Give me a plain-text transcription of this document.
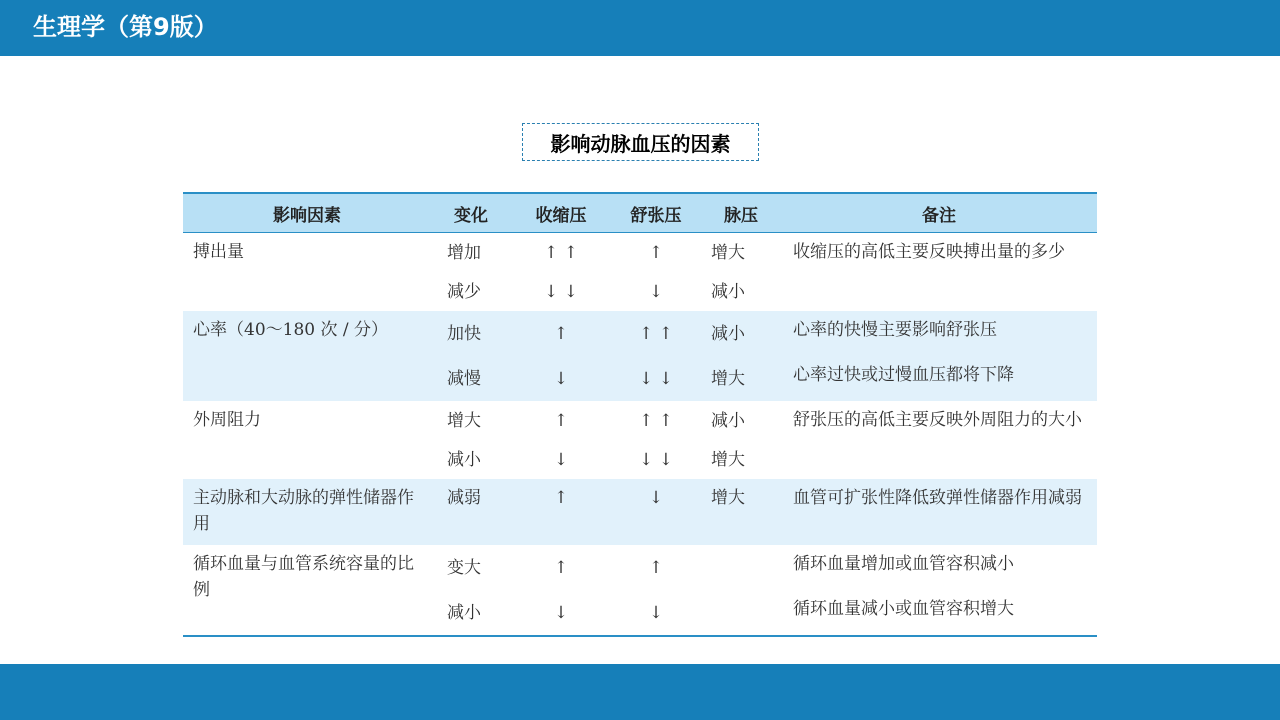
生理学（第9版）
影响动脉血压的因素
影响因素	变化	收缩压	舒张压	脉压	备注
搏出量	增加	↑ ↑	↑	增大	收缩压的高低主要反映搏出量的多少
	减少	↓ ↓	↓	减小	
心率（40～180 次 / 分）	加快	↑	↑ ↑	减小	心率的快慢主要影响舒张压
	减慢	↓	↓ ↓	增大	心率过快或过慢血压都将下降
外周阻力	增大	↑	↑ ↑	减小	舒张压的高低主要反映外周阻力的大小
	减小	↓	↓ ↓	增大	
主动脉和大动脉的弹性储器作用	减弱	↑	↓	增大	血管可扩张性降低致弹性储器作用减弱
循环血量与血管系统容量的比例	变大	↑	↑		循环血量增加或血管容积减小
	减小	↓	↓		循环血量减小或血管容积增大
